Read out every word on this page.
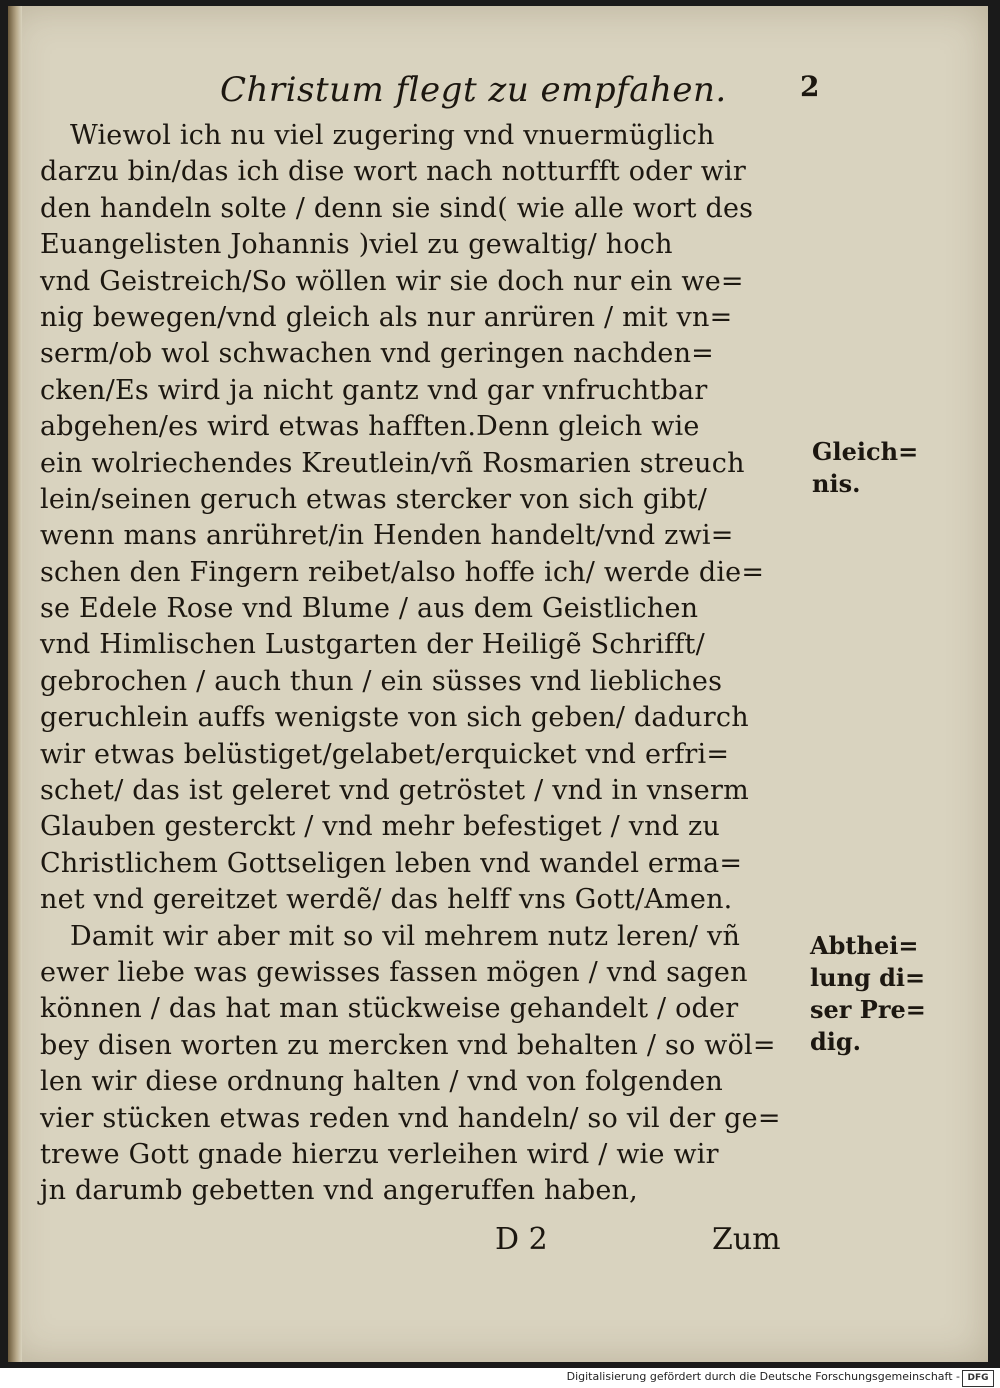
Christum flegt zu empfahen.	2
Wiewol ich nu viel zugering vnd vnuermüglich
darzu bin/das ich dise wort nach notturfft oder wir
den handeln solte / denn sie sind( wie alle wort des
Euangelisten Johannis )viel zu gewaltig/ hoch
vnd Geistreich/So wöllen wir sie doch nur ein we=
nig bewegen/vnd gleich als nur anrüren / mit vn=
serm/ob wol schwachen vnd geringen nachden=
cken/Es wird ja nicht gantz vnd gar vnfruchtbar
abgehen/es wird etwas hafften.Denn gleich wie
ein wolriechendes Kreutlein/vñ Rosmarien streuch
lein/seinen geruch etwas stercker von sich gibt/
wenn mans anrühret/in Henden handelt/vnd zwi=
schen den Fingern reibet/also hoffe ich/ werde die=
se Edele Rose vnd Blume / aus dem Geistlichen
vnd Himlischen Lustgarten der Heiligẽ Schrifft/
gebrochen / auch thun / ein süsses vnd liebliches
geruchlein auffs wenigste von sich geben/ dadurch
wir etwas belüstiget/gelabet/erquicket vnd erfri=
schet/ das ist geleret vnd getröstet / vnd in vnserm
Glauben gesterckt / vnd mehr befestiget / vnd zu
Christlichem Gottseligen leben vnd wandel erma=
net vnd gereitzet werdẽ/ das helff vns Gott/Amen.
Damit wir aber mit so vil mehrem nutz leren/ vñ
ewer liebe was gewisses fassen mögen / vnd sagen
können / das hat man stückweise gehandelt / oder
bey disen worten zu mercken vnd behalten / so wöl=
len wir diese ordnung halten / vnd von folgenden
vier stücken etwas reden vnd handeln/ so vil der ge=
trewe Gott gnade hierzu verleihen wird / wie wir
jn darumb gebetten vnd angeruffen haben,
Gleich=
nis.
Abthei=
lung di=
ser Pre=
dig.
D 2	Zum
Digitalisierung gefördert durch die Deutsche Forschungsgemeinschaft - DFG
